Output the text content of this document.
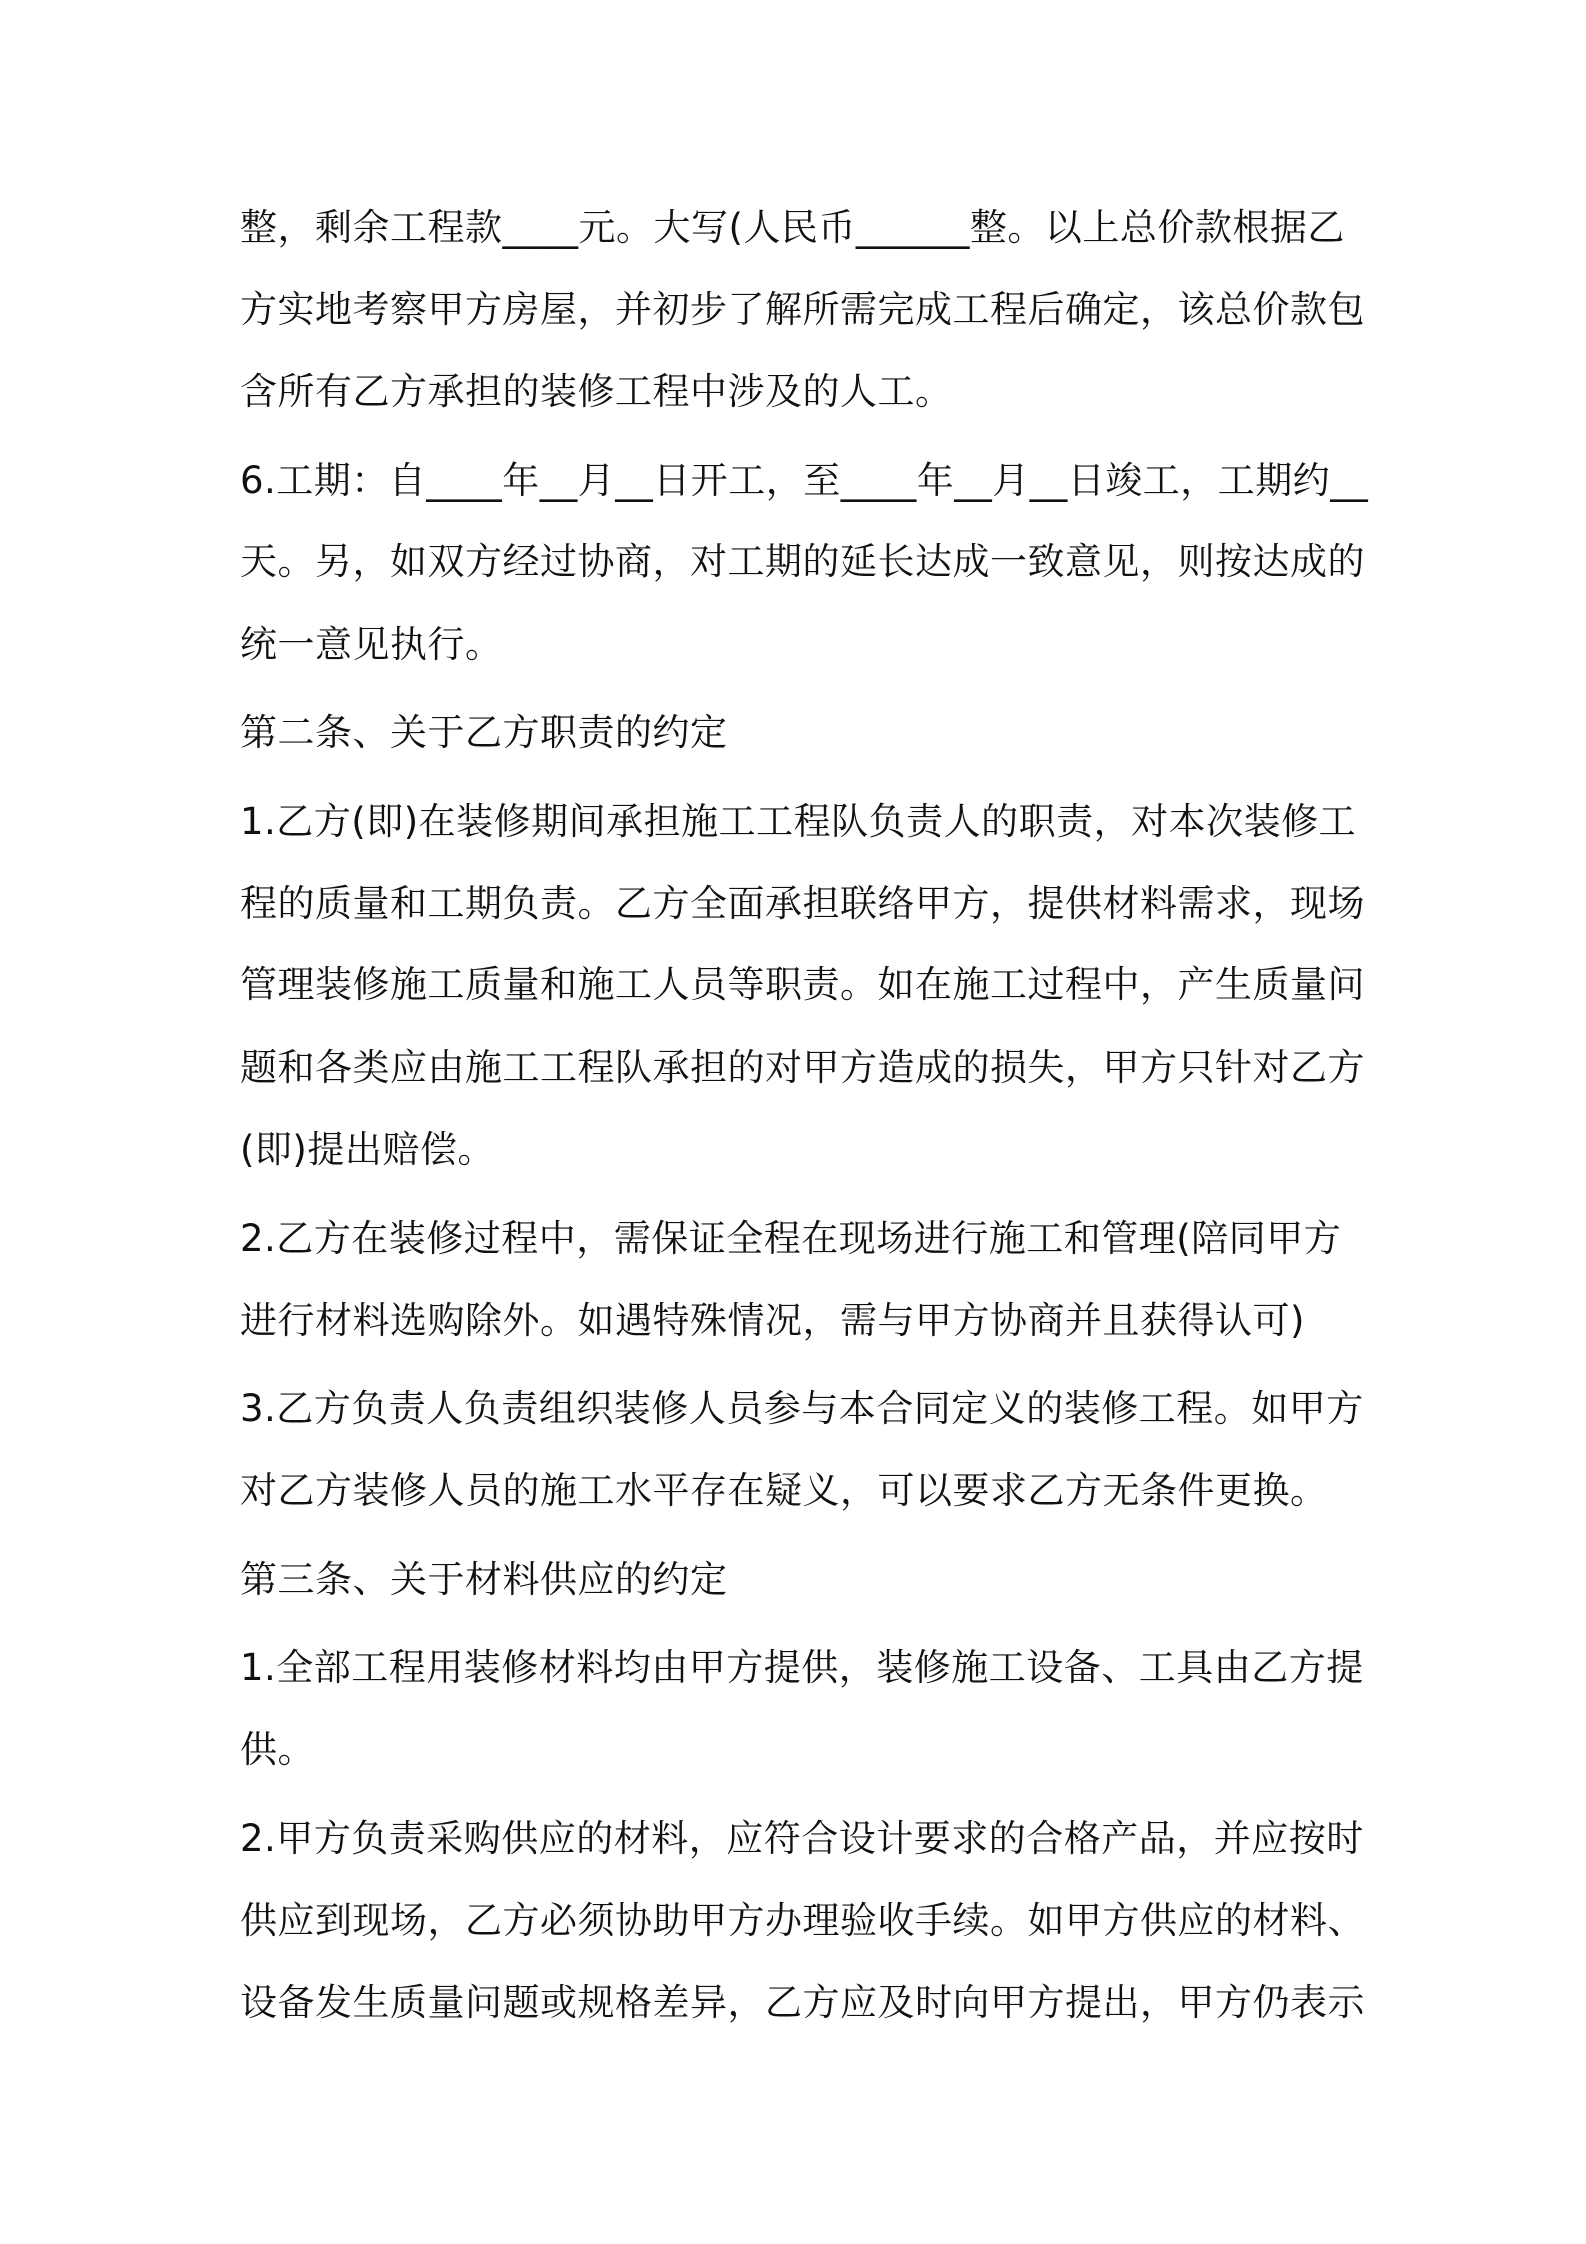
整，剩余工程款____元。大写(人民币______整。以上总价款根据乙
方实地考察甲方房屋，并初步了解所需完成工程后确定，该总价款包
含所有乙方承担的装修工程中涉及的人工。
6.工期：自____年__月__日开工，至____年__月__日竣工，工期约__
天。另，如双方经过协商，对工期的延长达成一致意见，则按达成的
统一意见执行。
第二条、关于乙方职责的约定
1.乙方(即)在装修期间承担施工工程队负责人的职责，对本次装修工
程的质量和工期负责。乙方全面承担联络甲方，提供材料需求，现场
管理装修施工质量和施工人员等职责。如在施工过程中，产生质量问
题和各类应由施工工程队承担的对甲方造成的损失，甲方只针对乙方
(即)提出赔偿。
2.乙方在装修过程中，需保证全程在现场进行施工和管理(陪同甲方
进行材料选购除外。如遇特殊情况，需与甲方协商并且获得认可)
3.乙方负责人负责组织装修人员参与本合同定义的装修工程。如甲方
对乙方装修人员的施工水平存在疑义，可以要求乙方无条件更换。
第三条、关于材料供应的约定
1.全部工程用装修材料均由甲方提供，装修施工设备、工具由乙方提
供。
2.甲方负责采购供应的材料，应符合设计要求的合格产品，并应按时
供应到现场，乙方必须协助甲方办理验收手续。如甲方供应的材料、
设备发生质量问题或规格差异，乙方应及时向甲方提出，甲方仍表示
